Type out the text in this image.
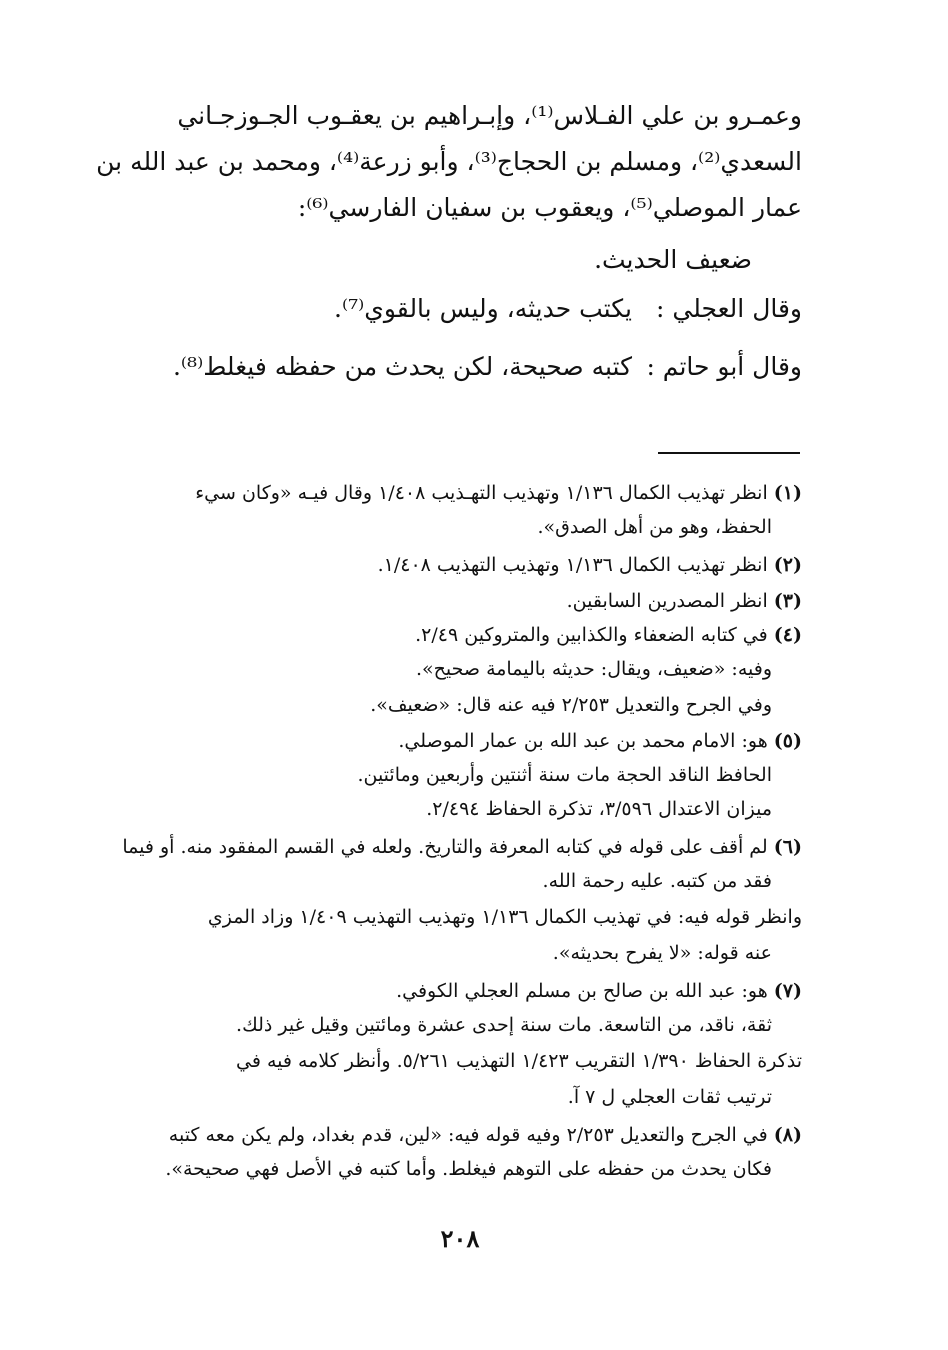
وعمـرو بن علي الفـلاس⁽¹⁾، وإبـراهيم بن يعقـوب الجـوزجـاني
السعدي⁽²⁾، ومسلم بن الحجاج⁽³⁾، وأبو زرعة⁽⁴⁾، ومحمد بن عبد الله بن
عمار الموصلي⁽⁵⁾، ويعقوب بن سفيان الفارسي⁽⁶⁾:
ضعيف الحديث.
وقال العجلي :
يكتب حديثه، وليس بالقوي⁽⁷⁾.
وقال أبو حاتم :
كتبه صحيحة، لكن يحدث من حفظه فيغلط⁽⁸⁾.
(١) انظر تهذيب الكمال ١/١٣٦ وتهذيب التهـذيب ١/٤٠٨ وقال فيـه «وكان سيء
الحفظ، وهو من أهل الصدق».
(٢) انظر تهذيب الكمال ١/١٣٦ وتهذيب التهذيب ١/٤٠٨.
(٣) انظر المصدرين السابقين.
(٤) في كتابه الضعفاء والكذابين والمتروكين ٢/٤٩.
وفيه: «ضعيف، ويقال: حديثه باليمامة صحيح».
وفي الجرح والتعديل ٢/٢٥٣ فيه عنه قال: «ضعيف».
(٥) هو: الامام محمد بن عبد الله بن عمار الموصلي.
الحافظ الناقد الحجة مات سنة أثنتين وأربعين ومائتين.
ميزان الاعتدال ٣/٥٩٦، تذكرة الحفاظ ٢/٤٩٤.
(٦) لم أقف على قوله في كتابه المعرفة والتاريخ. ولعله في القسم المفقود منه. أو فيما
فقد من كتبه. عليه رحمة الله.
وانظر قوله فيه: في تهذيب الكمال ١/١٣٦ وتهذيب التهذيب ١/٤٠٩ وزاد المزي
عنه قوله: «لا يفرح بحديثه».
(٧) هو: عبد الله بن صالح بن مسلم العجلي الكوفي.
ثقة، ناقد، من التاسعة. مات سنة إحدى عشرة ومائتين وقيل غير ذلك.
تذكرة الحفاظ ١/٣٩٠ التقريب ١/٤٢٣ التهذيب ٥/٢٦١. وأنظر كلامه فيه في
ترتيب ثقات العجلي ل ٧ آ.
(٨) في الجرح والتعديل ٢/٢٥٣ وفيه قوله فيه: «لين، قدم بغداد، ولم يكن معه كتبه
فكان يحدث من حفظه على التوهم فيغلط. وأما كتبه في الأصل فهي صحيحة».
٢٠٨
